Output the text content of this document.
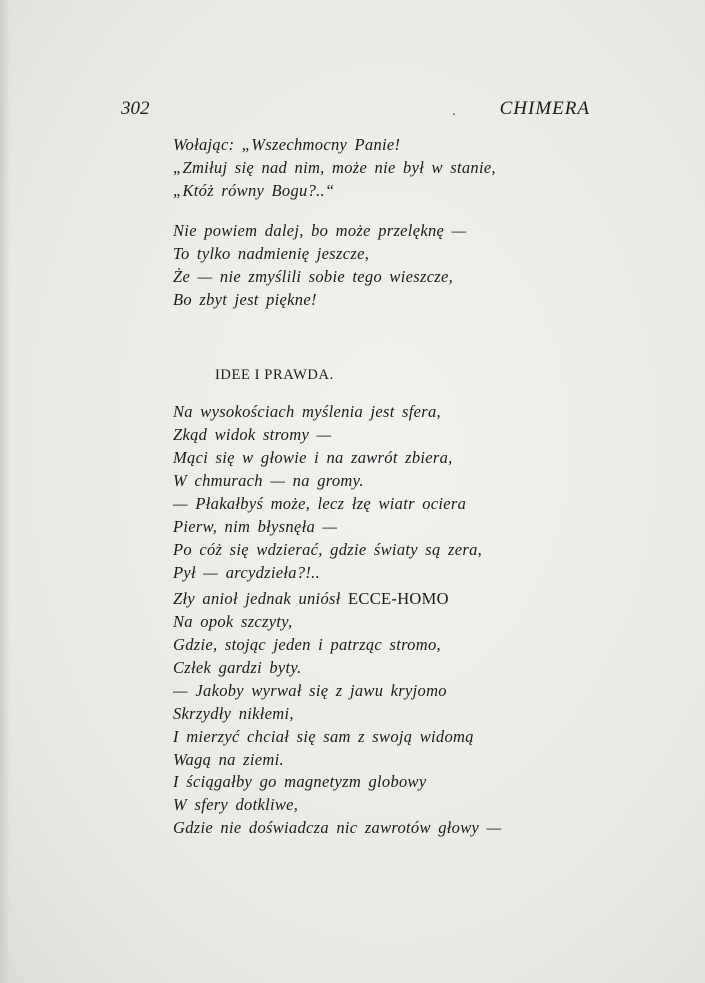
302	. CHIMERA
Wołając: „Wszechmocny Panie!
„Zmiłuj się nad nim, może nie był w stanie,
„Któż równy Bogu?..“
Nie powiem dalej, bo może przelęknę —
To tylko nadmienię jeszcze,
Że — nie zmyślili sobie tego wieszcze,
Bo zbyt jest piękne!
IDEE I PRAWDA.
Na wysokościach myślenia jest sfera,
Zkąd widok stromy —
Mąci się w głowie i na zawrót zbiera,
W chmurach — na gromy.
— Płakałbyś może, lecz łzę wiatr ociera
Pierw, nim błysnęła —
Po cóż się wdzierać, gdzie światy są zera,
Pył — arcydzieła?!..
Zły anioł jednak uniósł ECCE-HOMO
Na opok szczyty,
Gdzie, stojąc jeden i patrząc stromo,
Człek gardzi byty.
— Jakoby wyrwał się z jawu kryjomo
Skrzydły nikłemi,
I mierzyć chciał się sam z swoją widomą
Wagą na ziemi.
I ściągałby go magnetyzm globowy
W sfery dotkliwe,
Gdzie nie doświadcza nic zawrotów głowy —
